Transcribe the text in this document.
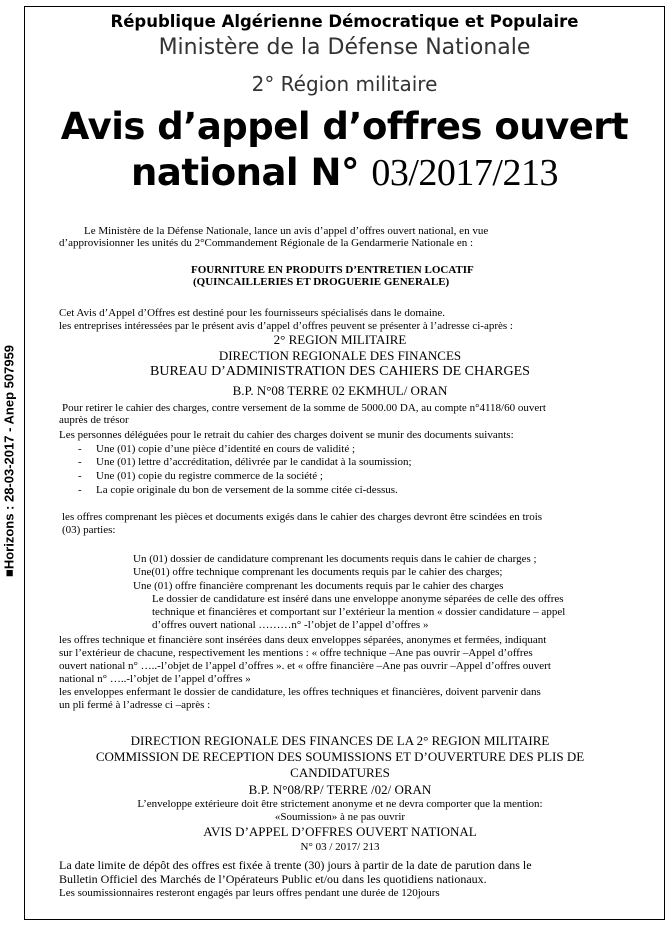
■Horizons : 28-03-2017 - Anep 507959
République Algérienne Démocratique et Populaire
Ministère de la Défense Nationale
2° Région militaire
Avis d’appel d’offres ouvert
national N° 03/2017/213
Le Ministère de la Défense Nationale, lance un avis d’appel d’offres ouvert national, en vue
d’approvisionner les unités du 2°Commandement Régionale de la Gendarmerie Nationale en :
FOURNITURE EN PRODUITS D’ENTRETIEN LOCATIF
(QUINCAILLERIES ET DROGUERIE GENERALE)
Cet Avis d’Appel d’Offres est destiné pour les fournisseurs spécialisés dans le domaine.
les entreprises intéressées par le présent avis d’appel d’offres peuvent se présenter à l’adresse ci-après :
2° REGION MILITAIRE
DIRECTION REGIONALE DES FINANCES
BUREAU D’ADMINISTRATION DES CAHIERS DE CHARGES
B.P. N°08 TERRE 02 EKMHUL/ ORAN
Pour retirer le cahier des charges, contre versement de la somme de 5000.00 DA, au compte n°4118/60 ouvert
auprès de trésor
Les personnes déléguées pour le retrait du cahier des charges doivent se munir des documents suivants:
- Une (01) copie d’une pièce d’identité en cours de validité ;
- Une (01) lettre d’accréditation, délivrée par le candidat à la soumission;
- Une (01) copie du registre commerce de la société ;
- La copie originale du bon de versement de la somme citée ci-dessus.
les offres comprenant les pièces et documents exigés dans le cahier des charges devront être scindées en trois
(03) parties:
Un (01) dossier de candidature comprenant les documents requis dans le cahier de charges ;
Une(01) offre technique comprenant les documents requis par le cahier des charges;
Une (01) offre financière comprenant les documents requis par le cahier des charges
Le dossier de candidature est inséré dans une enveloppe anonyme séparées de celle des offres
technique et financières et comportant sur l’extérieur la mention « dossier candidature – appel
d’offres ouvert national ………n° -l’objet de l’appel d’offres »
les offres technique et financière sont insérées dans deux enveloppes séparées, anonymes et fermées, indiquant
sur l’extérieur de chacune, respectivement les mentions : « offre technique –Ane pas ouvrir –Appel d’offres
ouvert national n° …..-l’objet de l’appel d’offres ». et « offre financière –Ane pas ouvrir –Appel d’offres ouvert
national n° …..-l’objet de l’appel d’offres »
les enveloppes enfermant le dossier de candidature, les offres techniques et financières, doivent parvenir dans
un pli fermé à l’adresse ci –après :
DIRECTION REGIONALE DES FINANCES DE LA 2° REGION MILITAIRE
COMMISSION DE RECEPTION DES SOUMISSIONS ET D’OUVERTURE DES PLIS DE
CANDIDATURES
B.P. N°08/RP/ TERRE /02/ ORAN
L’enveloppe extérieure doit être strictement anonyme et ne devra comporter que la mention:
«Soumission» à ne pas ouvrir
AVIS D’APPEL D’OFFRES OUVERT NATIONAL
N° 03 / 2017/ 213
La date limite de dépôt des offres est fixée à trente (30) jours à partir de la date de parution dans le
Bulletin Officiel des Marchés de l’Opérateurs Public et/ou dans les quotidiens nationaux.
Les soumissionnaires resteront engagés par leurs offres pendant une durée de 120jours
